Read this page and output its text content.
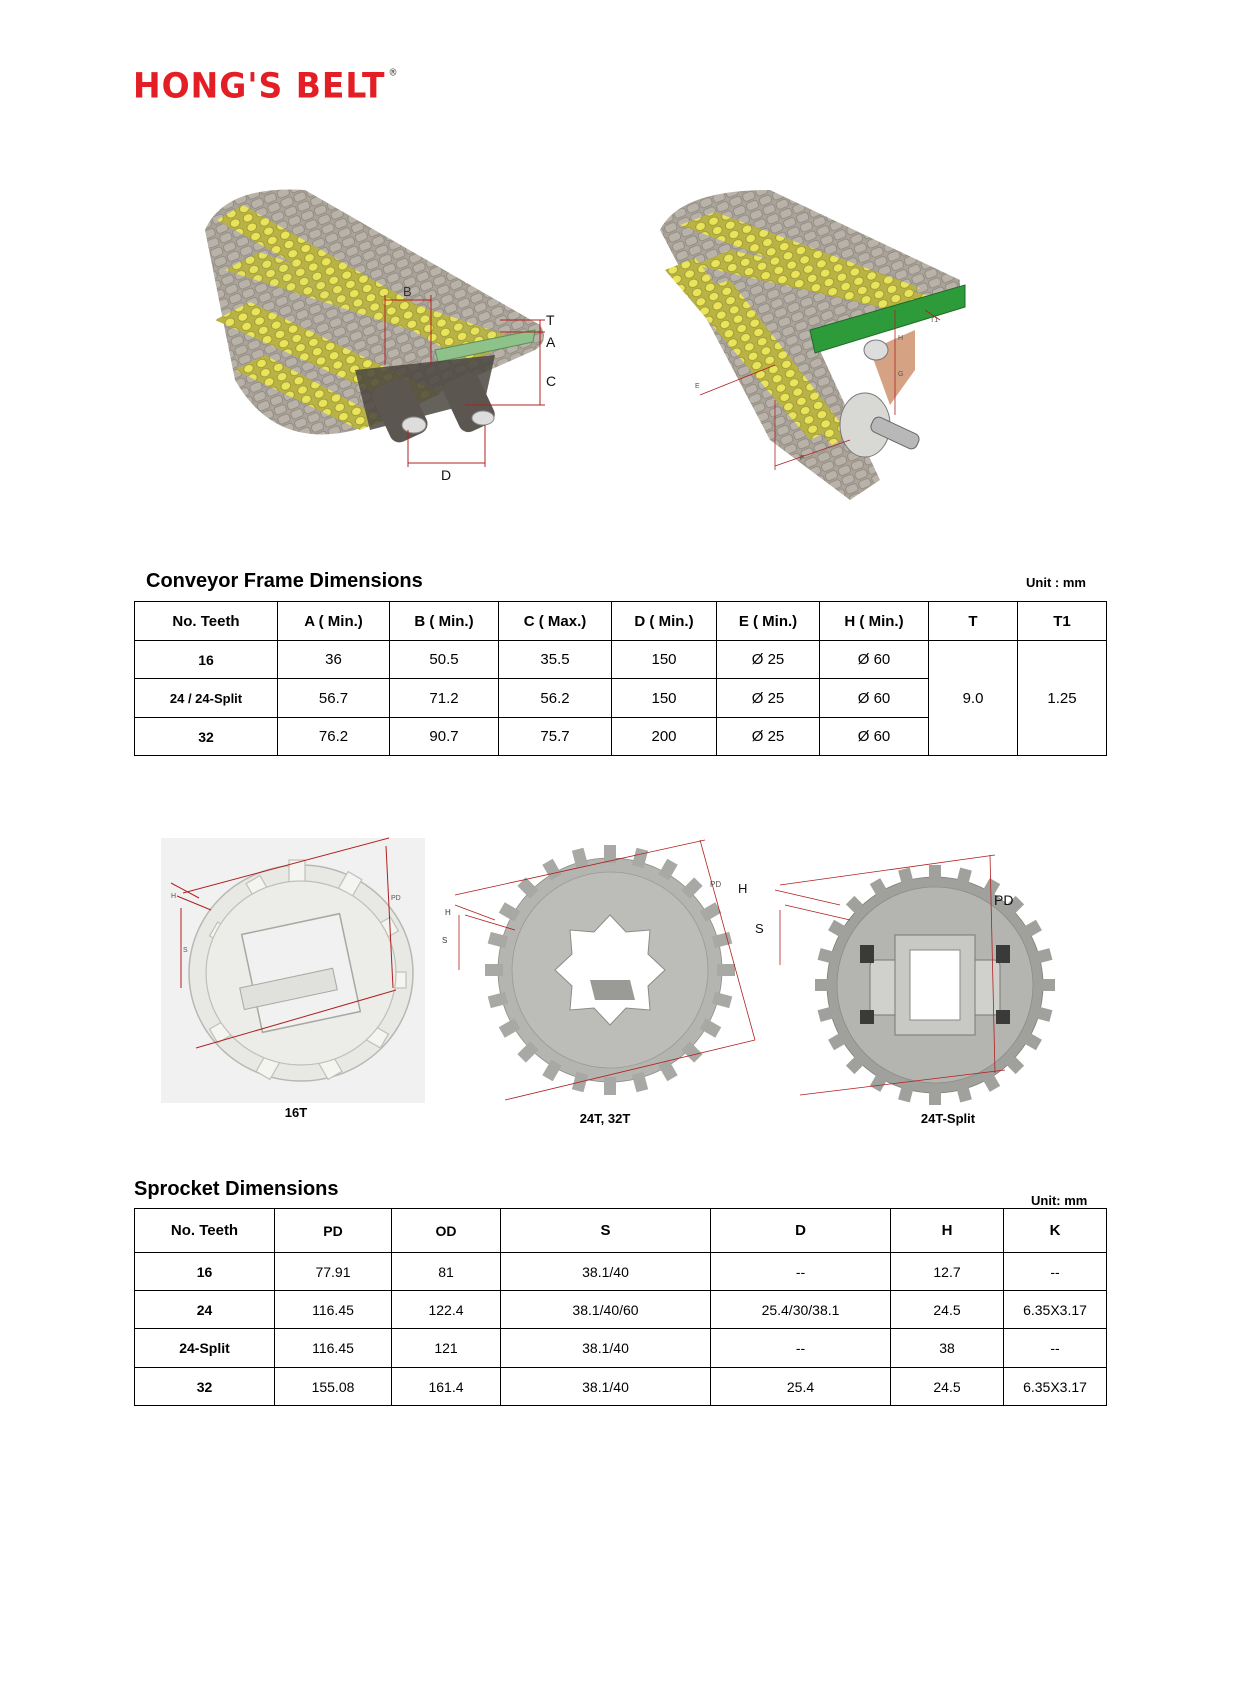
HONG'S BELT ®
B
T
A
C
D
T1
H
G
E
F
Conveyor Frame Dimensions	Unit : mm
No. Teeth	A ( Min.)	B ( Min.)	C ( Max.)	D ( Min.)	E ( Min.)	H ( Min.)	T	T1
16	36	50.5	35.5	150	Ø 25	Ø 60	9.0	1.25
24 / 24-Split	56.7	71.2	56.2	150	Ø 25	Ø 60		
32	76.2	90.7	75.7	200	Ø 25	Ø 60		
PD
H
S
16T
PD
H
S
24T, 32T
H
S
PD
24T-Split
Sprocket Dimensions
Unit: mm
No. Teeth	PD	OD	S	D	H	K
16	77.91	81	38.1/40	--	12.7	--
24	116.45	122.4	38.1/40/60	25.4/30/38.1	24.5	6.35X3.17
24-Split	116.45	121	38.1/40	--	38	--
32	155.08	161.4	38.1/40	25.4	24.5	6.35X3.17
